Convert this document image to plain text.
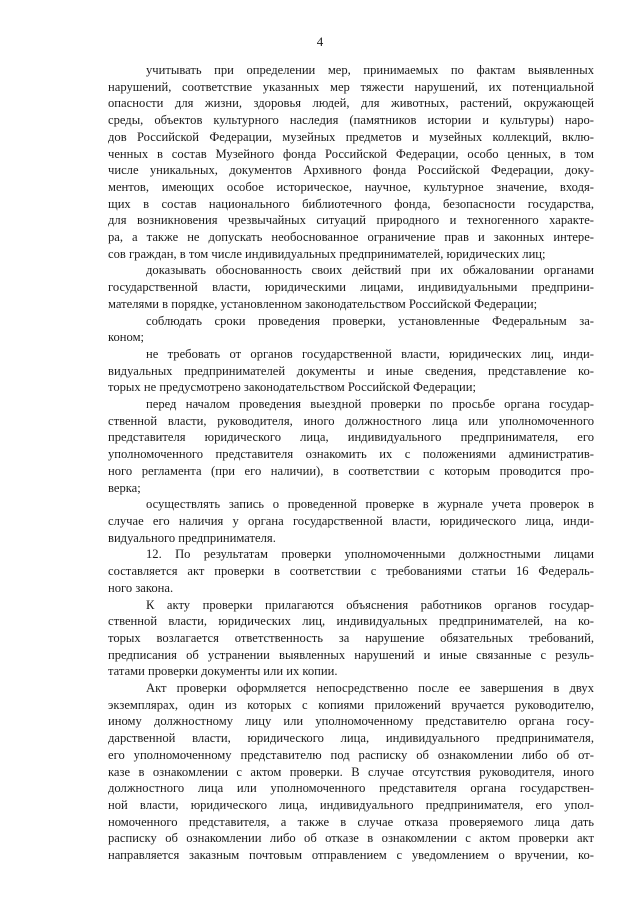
4

учитывать при определении мер, принимаемых по фактам выявленных
нарушений, соответствие указанных мер тяжести нарушений, их потенциальной
опасности для жизни, здоровья людей, для животных, растений, окружающей
среды, объектов культурного наследия (памятников истории и культуры) наро-
дов Российской Федерации, музейных предметов и музейных коллекций, вклю-
ченных в состав Музейного фонда Российской Федерации, особо ценных, в том
числе уникальных, документов Архивного фонда Российской Федерации, доку-
ментов, имеющих особое историческое, научное, культурное значение, входя-
щих в состав национального библиотечного фонда, безопасности государства,
для возникновения чрезвычайных ситуаций природного и техногенного характе-
ра, а также не допускать необоснованное ограничение прав и законных интере-
сов граждан, в том числе индивидуальных предпринимателей, юридических лиц;

доказывать обоснованность своих действий при их обжаловании органами
государственной власти, юридическими лицами, индивидуальными предприни-
мателями в порядке, установленном законодательством Российской Федерации;

соблюдать сроки проведения проверки, установленные Федеральным за-
коном;

не требовать от органов государственной власти, юридических лиц, инди-
видуальных предпринимателей документы и иные сведения, представление ко-
торых не предусмотрено законодательством Российской Федерации;

перед началом проведения выездной проверки по просьбе органа государ-
ственной власти, руководителя, иного должностного лица или уполномоченного
представителя юридического лица, индивидуального предпринимателя, его
уполномоченного представителя ознакомить их с положениями административ-
ного регламента (при его наличии), в соответствии с которым проводится про-
верка;

осуществлять запись о проведенной проверке в журнале учета проверок в
случае его наличия у органа государственной власти, юридического лица, инди-
видуального предпринимателя.

12. По результатам проверки уполномоченными должностными лицами
составляется акт проверки в соответствии с требованиями статьи 16 Федераль-
ного закона.

К акту проверки прилагаются объяснения работников органов государ-
ственной власти, юридических лиц, индивидуальных предпринимателей, на ко-
торых возлагается ответственность за нарушение обязательных требований,
предписания об устранении выявленных нарушений и иные связанные с резуль-
татами проверки документы или их копии.

Акт проверки оформляется непосредственно после ее завершения в двух
экземплярах, один из которых с копиями приложений вручается руководителю,
иному должностному лицу или уполномоченному представителю органа госу-
дарственной власти, юридического лица, индивидуального предпринимателя,
его уполномоченному представителю под расписку об ознакомлении либо об от-
казе в ознакомлении с актом проверки. В случае отсутствия руководителя, иного
должностного лица или уполномоченного представителя органа государствен-
ной власти, юридического лица, индивидуального предпринимателя, его упол-
номоченного представителя, а также в случае отказа проверяемого лица дать
расписку об ознакомлении либо об отказе в ознакомлении с актом проверки акт
направляется заказным почтовым отправлением с уведомлением о вручении, ко-
